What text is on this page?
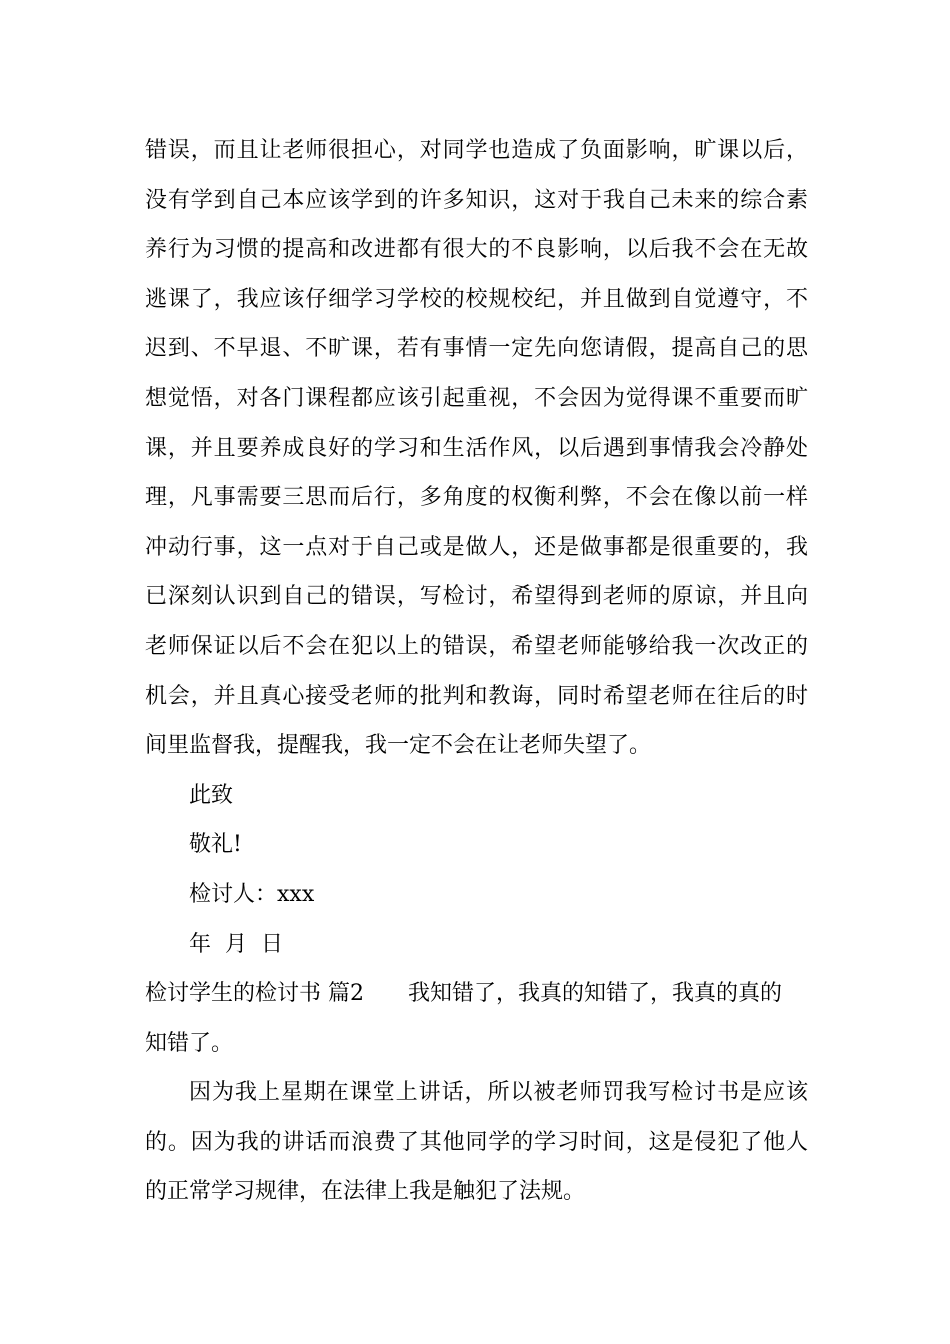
错误，而且让老师很担心，对同学也造成了负面影响，旷课以后，
没有学到自己本应该学到的许多知识，这对于我自己未来的综合素
养行为习惯的提高和改进都有很大的不良影响，以后我不会在无故
逃课了，我应该仔细学习学校的校规校纪，并且做到自觉遵守，不
迟到、不早退、不旷课，若有事情一定先向您请假，提高自己的思
想觉悟，对各门课程都应该引起重视，不会因为觉得课不重要而旷
课，并且要养成良好的学习和生活作风，以后遇到事情我会冷静处
理，凡事需要三思而后行，多角度的权衡利弊，不会在像以前一样
冲动行事，这一点对于自己或是做人，还是做事都是很重要的，我
已深刻认识到自己的错误，写检讨，希望得到老师的原谅，并且向
老师保证以后不会在犯以上的错误，希望老师能够给我一次改正的
机会，并且真心接受老师的批判和教诲，同时希望老师在往后的时
间里监督我，提醒我，我一定不会在让老师失望了。
此致
敬礼!
检讨人：xxx
年  月  日
检讨学生的检讨书 篇2 我知错了，我真的知错了，我真的真的
知错了。
因为我上星期在课堂上讲话，所以被老师罚我写检讨书是应该
的。因为我的讲话而浪费了其他同学的学习时间，这是侵犯了他人
的正常学习规律，在法律上我是触犯了法规。
